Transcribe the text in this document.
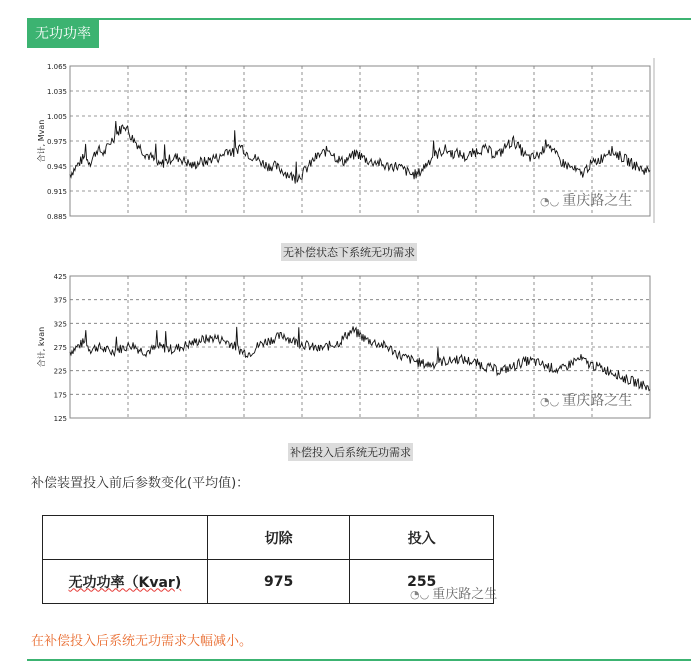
无功功率
0.885
0.915
0.945
0.975
1.005
1.035
1.065
合计, Mvan
无补偿状态下系统无功需求
◔◡ 重庆路之生
125
175
225
275
325
375
425
合计, kvan
补偿投入后系统无功需求
◔◡ 重庆路之生
补偿装置投入前后参数变化(平均值)：
	切除	投入
无功功率（Kvar)	975	255
◔◡ 重庆路之生
在补偿投入后系统无功需求大幅减小。
